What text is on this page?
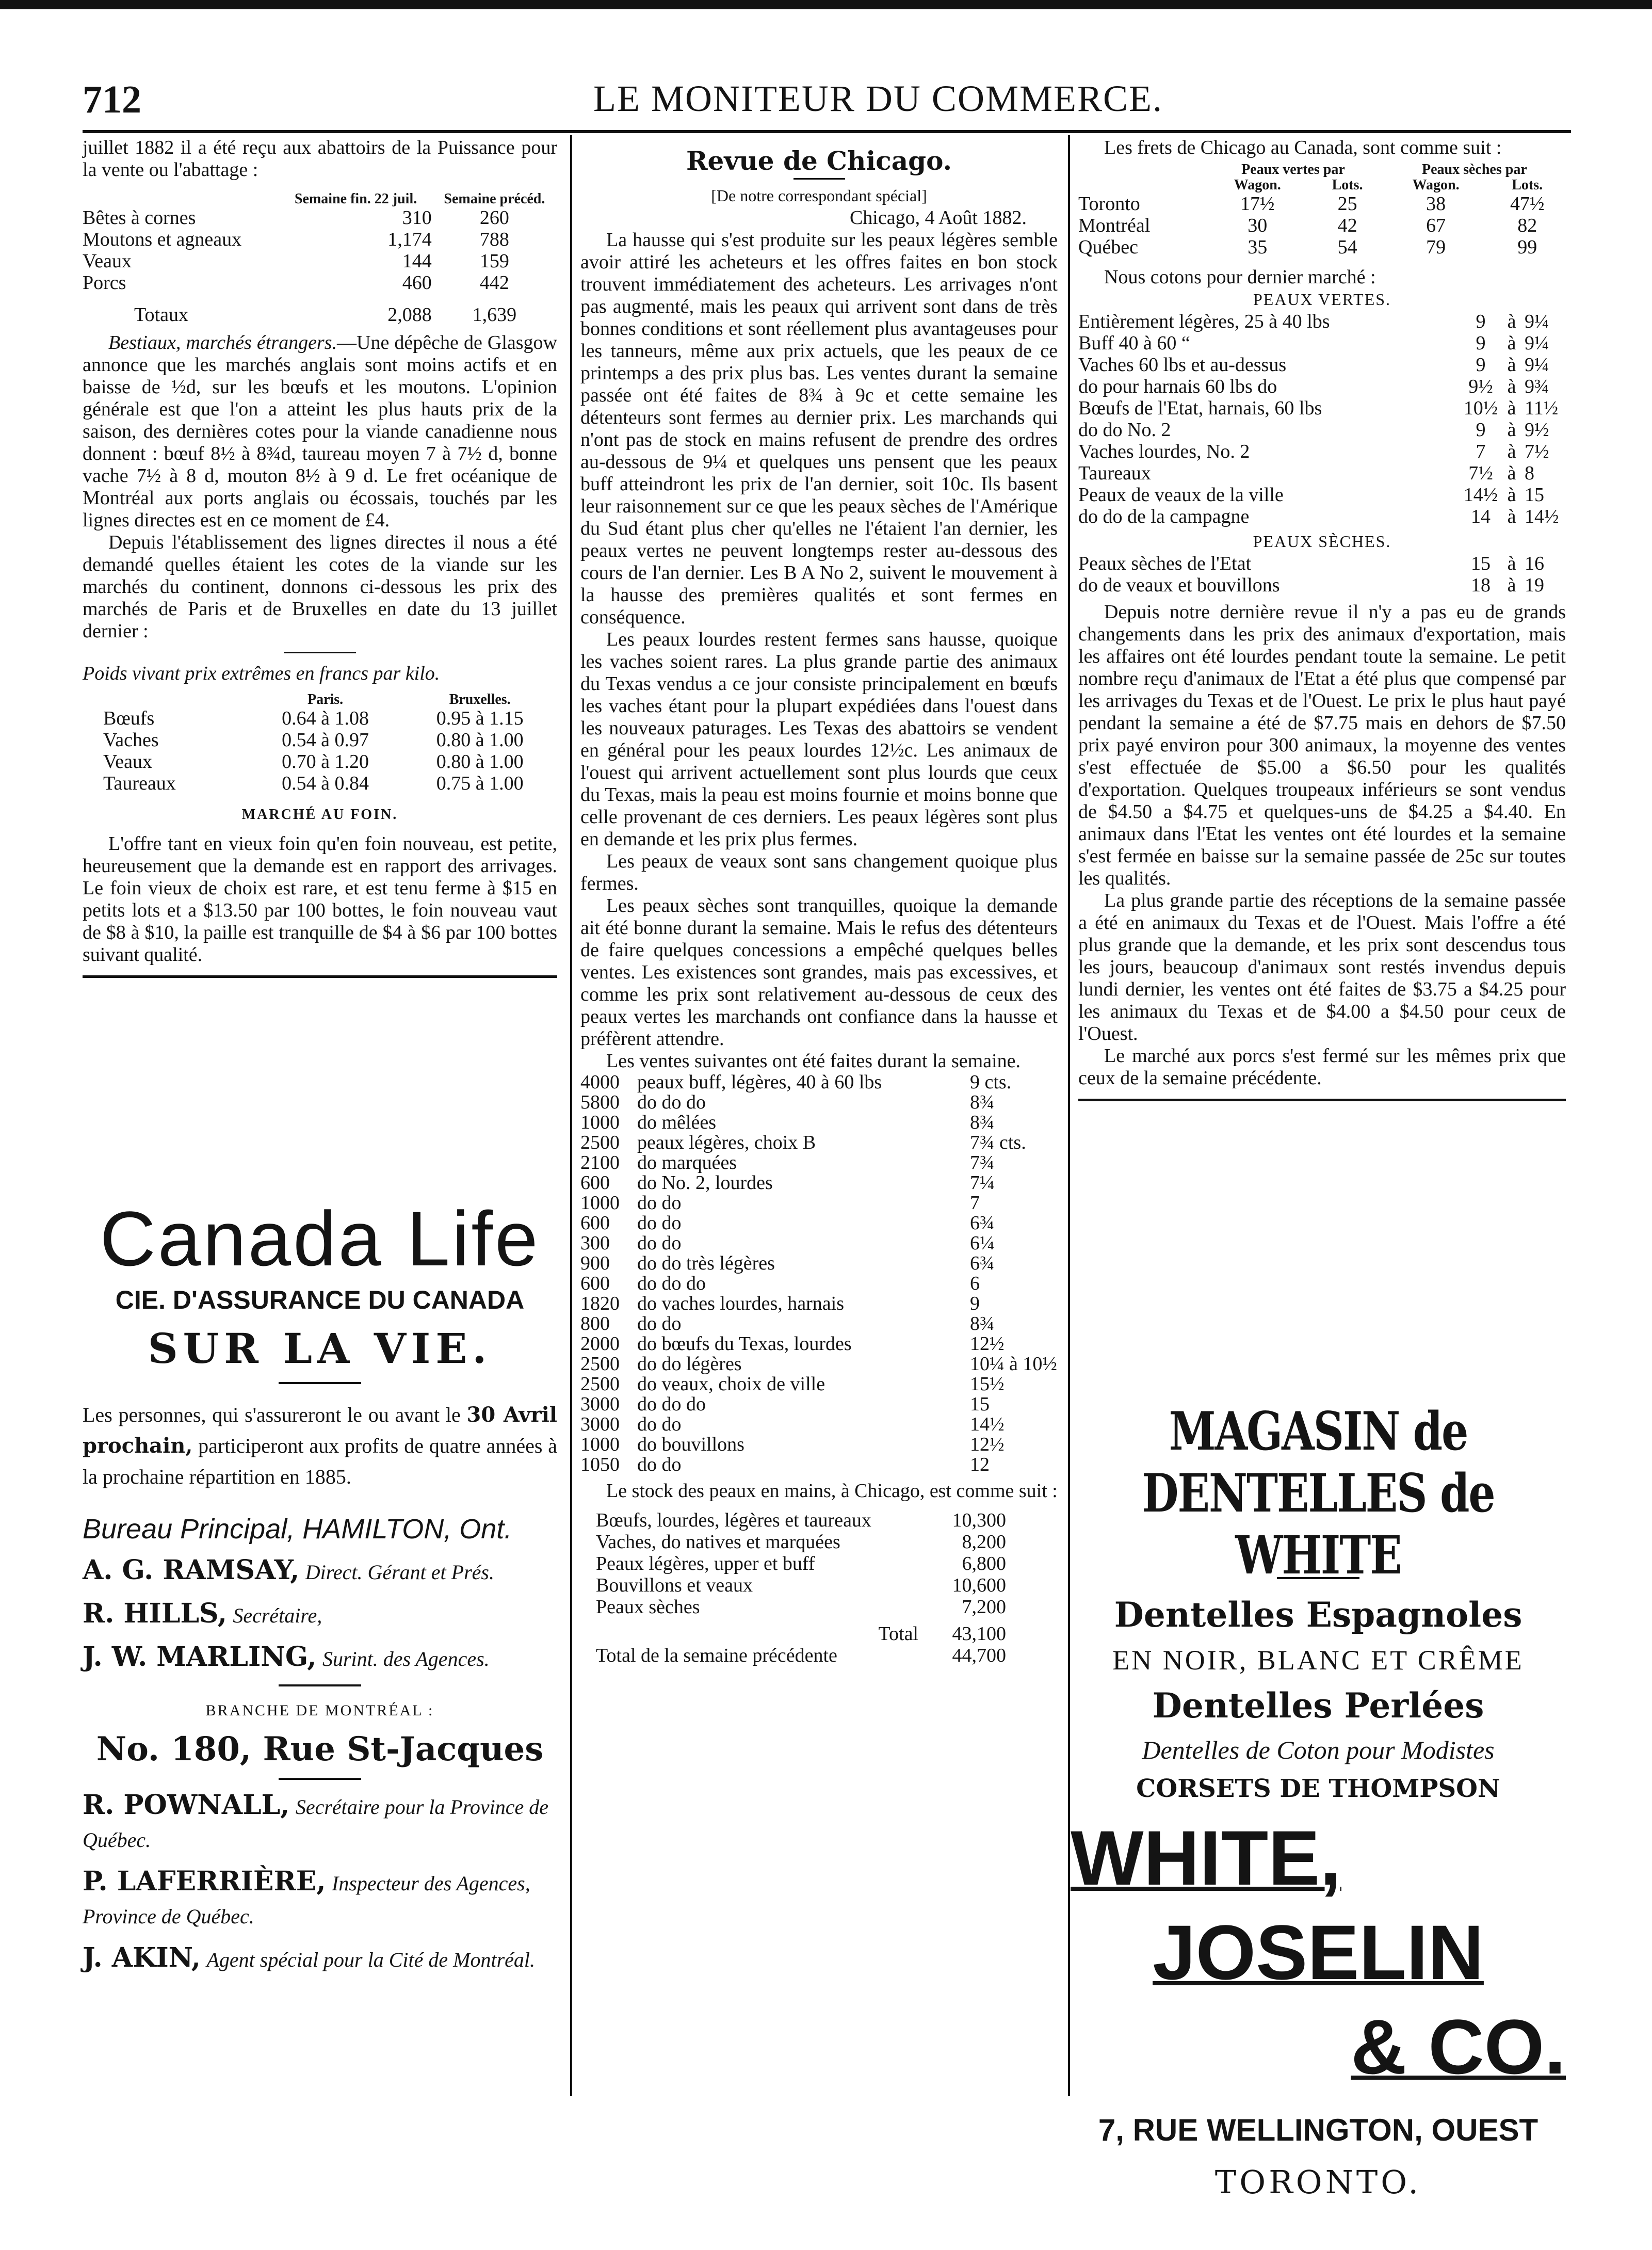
712	LE MONITEUR DU COMMERCE.

juillet 1882 il a été reçu aux abattoirs de la Puissance pour la vente ou l'abattage :

	Semaine fin. 22 juil.	Semaine précéd.
Bêtes à cornes	310	260
Moutons et agneaux	1,174	788
Veaux	144	159
Porcs	460	442
Totaux	2,088	1,639

Bestiaux, marchés étrangers.—Une dépêche de Glasgow annonce que les marchés anglais sont moins actifs et en baisse de ½d, sur les bœufs et les moutons. L'opinion générale est que l'on a atteint les plus hauts prix de la saison, des dernières cotes pour la viande canadienne nous donnent : bœuf 8½ à 8¾d, taureau moyen 7 à 7½ d, bonne vache 7½ à 8 d, mouton 8½ à 9 d. Le fret océanique de Montréal aux ports anglais ou écossais, touchés par les lignes directes est en ce moment de £4.

Depuis l'établissement des lignes directes il nous a été demandé quelles étaient les cotes de la viande sur les marchés du continent, donnons ci-dessous les prix des marchés de Paris et de Bruxelles en date du 13 juillet dernier :

Poids vivant prix extrêmes en francs par kilo.

	Paris.	Bruxelles.
Bœufs	0.64 à 1.08	0.95 à 1.15
Vaches	0.54 à 0.97	0.80 à 1.00
Veaux	0.70 à 1.20	0.80 à 1.00
Taureaux	0.54 à 0.84	0.75 à 1.00
MARCHÉ AU FOIN.

L'offre tant en vieux foin qu'en foin nouveau, est petite, heureusement que la demande est en rapport des arrivages. Le foin vieux de choix est rare, et est tenu ferme à $15 en petits lots et a $13.50 par 100 bottes, le foin nouveau vaut de $8 à $10, la paille est tranquille de $4 à $6 par 100 bottes suivant qualité.

Canada Life
CIE. D'ASSURANCE DU CANADA
SUR LA VIE.
Les personnes, qui s'assureront le ou avant le 30 Avril prochain, participeront aux profits de quatre années à la prochaine répartition en 1885.
Bureau Principal, HAMILTON, Ont.
A. G. RAMSAY, Direct. Gérant et Prés.
R. HILLS, Secrétaire,
J. W. MARLING, Surint. des Agences.
BRANCHE DE MONTRÉAL :
No. 180, Rue St-Jacques
R. POWNALL, Secrétaire pour la Province de Québec.
P. LAFERRIÈRE, Inspecteur des Agences, Province de Québec.
J. AKIN, Agent spécial pour la Cité de Montréal.
Revue de Chicago.
[De notre correspondant spécial]
Chicago, 4 Août 1882.

La hausse qui s'est produite sur les peaux légères semble avoir attiré les acheteurs et les offres faites en bon stock trouvent immédiatement des acheteurs. Les arrivages n'ont pas augmenté, mais les peaux qui arrivent sont dans de très bonnes conditions et sont réellement plus avantageuses pour les tanneurs, même aux prix actuels, que les peaux de ce printemps a des prix plus bas. Les ventes durant la semaine passée ont été faites de 8¾ à 9c et cette semaine les détenteurs sont fermes au dernier prix. Les marchands qui n'ont pas de stock en mains refusent de prendre des ordres au-dessous de 9¼ et quelques uns pensent que les peaux buff atteindront les prix de l'an dernier, soit 10c. Ils basent leur raisonnement sur ce que les peaux sèches de l'Amérique du Sud étant plus cher qu'elles ne l'étaient l'an dernier, les peaux vertes ne peuvent longtemps rester au-dessous des cours de l'an dernier. Les B A No 2, suivent le mouvement à la hausse des premières qualités et sont fermes en conséquence.

Les peaux lourdes restent fermes sans hausse, quoique les vaches soient rares. La plus grande partie des animaux du Texas vendus a ce jour consiste principalement en bœufs les vaches étant pour la plupart expédiées dans l'ouest dans les nouveaux paturages. Les Texas des abattoirs se vendent en général pour les peaux lourdes 12½c. Les animaux de l'ouest qui arrivent actuellement sont plus lourds que ceux du Texas, mais la peau est moins fournie et moins bonne que celle provenant de ces derniers. Les peaux légères sont plus en demande et les prix plus fermes.

Les peaux de veaux sont sans changement quoique plus fermes.

Les peaux sèches sont tranquilles, quoique la demande ait été bonne durant la semaine. Mais le refus des détenteurs de faire quelques concessions a empêché quelques belles ventes. Les existences sont grandes, mais pas excessives, et comme les prix sont relativement au-dessous de ceux des peaux vertes les marchands ont confiance dans la hausse et préfèrent attendre.

Les ventes suivantes ont été faites durant la semaine.

4000	peaux buff, légères, 40 à 60 lbs	9 cts.
5800	do do do	8¾
1000	do mêlées	8¾
2500	peaux légères, choix B	7¾ cts.
2100	do marquées	7¾
600	do No. 2, lourdes	7¼
1000	do do	7
600	do do	6¾
300	do do	6¼
900	do do très légères	6¾
600	do do do	6
1820	do vaches lourdes, harnais	9
800	do do	8¾
2000	do bœufs du Texas, lourdes	12½
2500	do do légères	10¼ à 10½
2500	do veaux, choix de ville	15½
3000	do do do	15
3000	do do	14½
1000	do bouvillons	12½
1050	do do	12

Le stock des peaux en mains, à Chicago, est comme suit :

Bœufs, lourdes, légères et taureaux	10,300
Vaches, do natives et marquées	8,200
Peaux légères, upper et buff	6,800
Bouvillons et veaux	10,600
Peaux sèches	7,200
Total	43,100
Total de la semaine précédente	44,700

Les frets de Chicago au Canada, sont comme suit :

	Peaux vertes par		Peaux sèches par	
	Wagon.	Lots.	Wagon.	Lots.
Toronto	17½	25	38	47½
Montréal	30	42	67	82
Québec	35	54	79	99

Nous cotons pour dernier marché :

PEAUX VERTES.
Entièrement légères, 25 à 40 lbs	9	à	9¼
Buff 40 à 60 “	9	à	9¼
Vaches 60 lbs et au-dessus	9	à	9¼
do pour harnais 60 lbs do	9½	à	9¾
Bœufs de l'Etat, harnais, 60 lbs	10½	à	11½
do do No. 2	9	à	9½
Vaches lourdes, No. 2	7	à	7½
Taureaux	7½	à	8
Peaux de veaux de la ville	14½	à	15
do do de la campagne	14	à	14½
PEAUX SÈCHES.
Peaux sèches de l'Etat	15	à	16
do de veaux et bouvillons	18	à	19

Depuis notre dernière revue il n'y a pas eu de grands changements dans les prix des animaux d'exportation, mais les affaires ont été lourdes pendant toute la semaine. Le petit nombre reçu d'animaux de l'Etat a été plus que compensé par les arrivages du Texas et de l'Ouest. Le prix le plus haut payé pendant la semaine a été de $7.75 mais en dehors de $7.50 prix payé environ pour 300 animaux, la moyenne des ventes s'est effectuée de $5.00 a $6.50 pour les qualités d'exportation. Quelques troupeaux inférieurs se sont vendus de $4.50 a $4.75 et quelques-uns de $4.25 a $4.40. En animaux dans l'Etat les ventes ont été lourdes et la semaine s'est fermée en baisse sur la semaine passée de 25c sur toutes les qualités.

La plus grande partie des réceptions de la semaine passée a été en animaux du Texas et de l'Ouest. Mais l'offre a été plus grande que la demande, et les prix sont descendus tous les jours, beaucoup d'animaux sont restés invendus depuis lundi dernier, les ventes ont été faites de $3.75 a $4.25 pour les animaux du Texas et de $4.00 a $4.50 pour ceux de l'Ouest.

Le marché aux porcs s'est fermé sur les mêmes prix que ceux de la semaine précédente.

MAGASIN de DENTELLES de WHITE
Dentelles Espagnoles
EN NOIR, BLANC ET CRÊME
Dentelles Perlées
Dentelles de Coton pour Modistes
CORSETS DE THOMPSON
WHITE,
JOSELIN
& CO.
7, RUE WELLINGTON, OUEST
TORONTO.
